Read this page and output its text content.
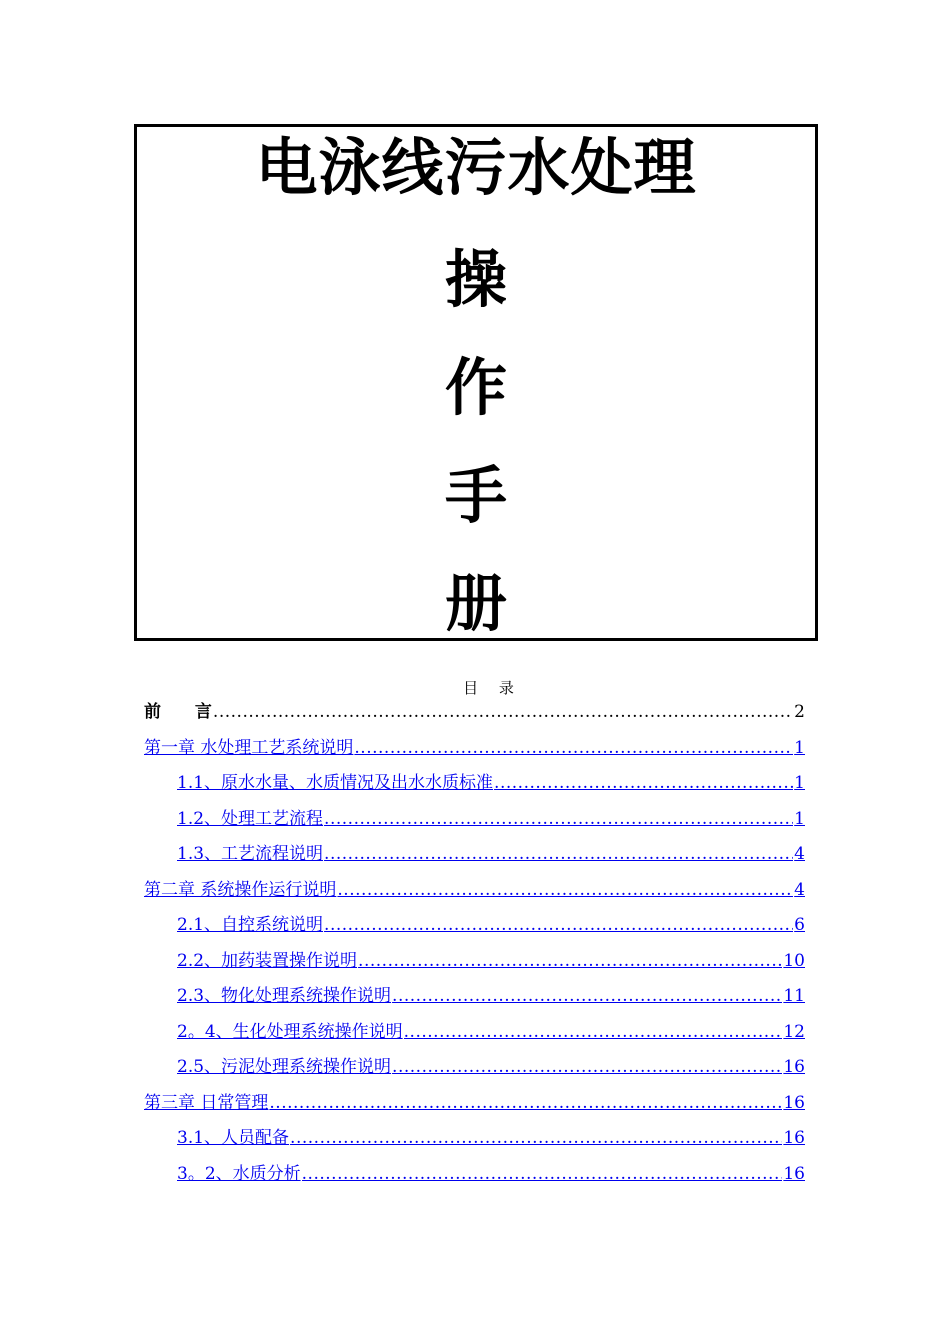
电泳线污水处理
操
作
手
册
目 录
前 言 .....	2
第一章 水处理工艺系统说明 .....	1
1.1、原水水量、水质情况及出水水质标准 .....	1
1.2、处理工艺流程 .....	1
1.3、工艺流程说明 .....	4
第二章 系统操作运行说明 .....	4
2.1、自控系统说明 .....	6
2.2、加药装置操作说明 .....	10
2.3、物化处理系统操作说明 .....	11
2。4、生化处理系统操作说明 .....	12
2.5、污泥处理系统操作说明 .....	16
第三章 日常管理 .....	16
3.1、人员配备 .....	16
3。2、水质分析 .....	16
